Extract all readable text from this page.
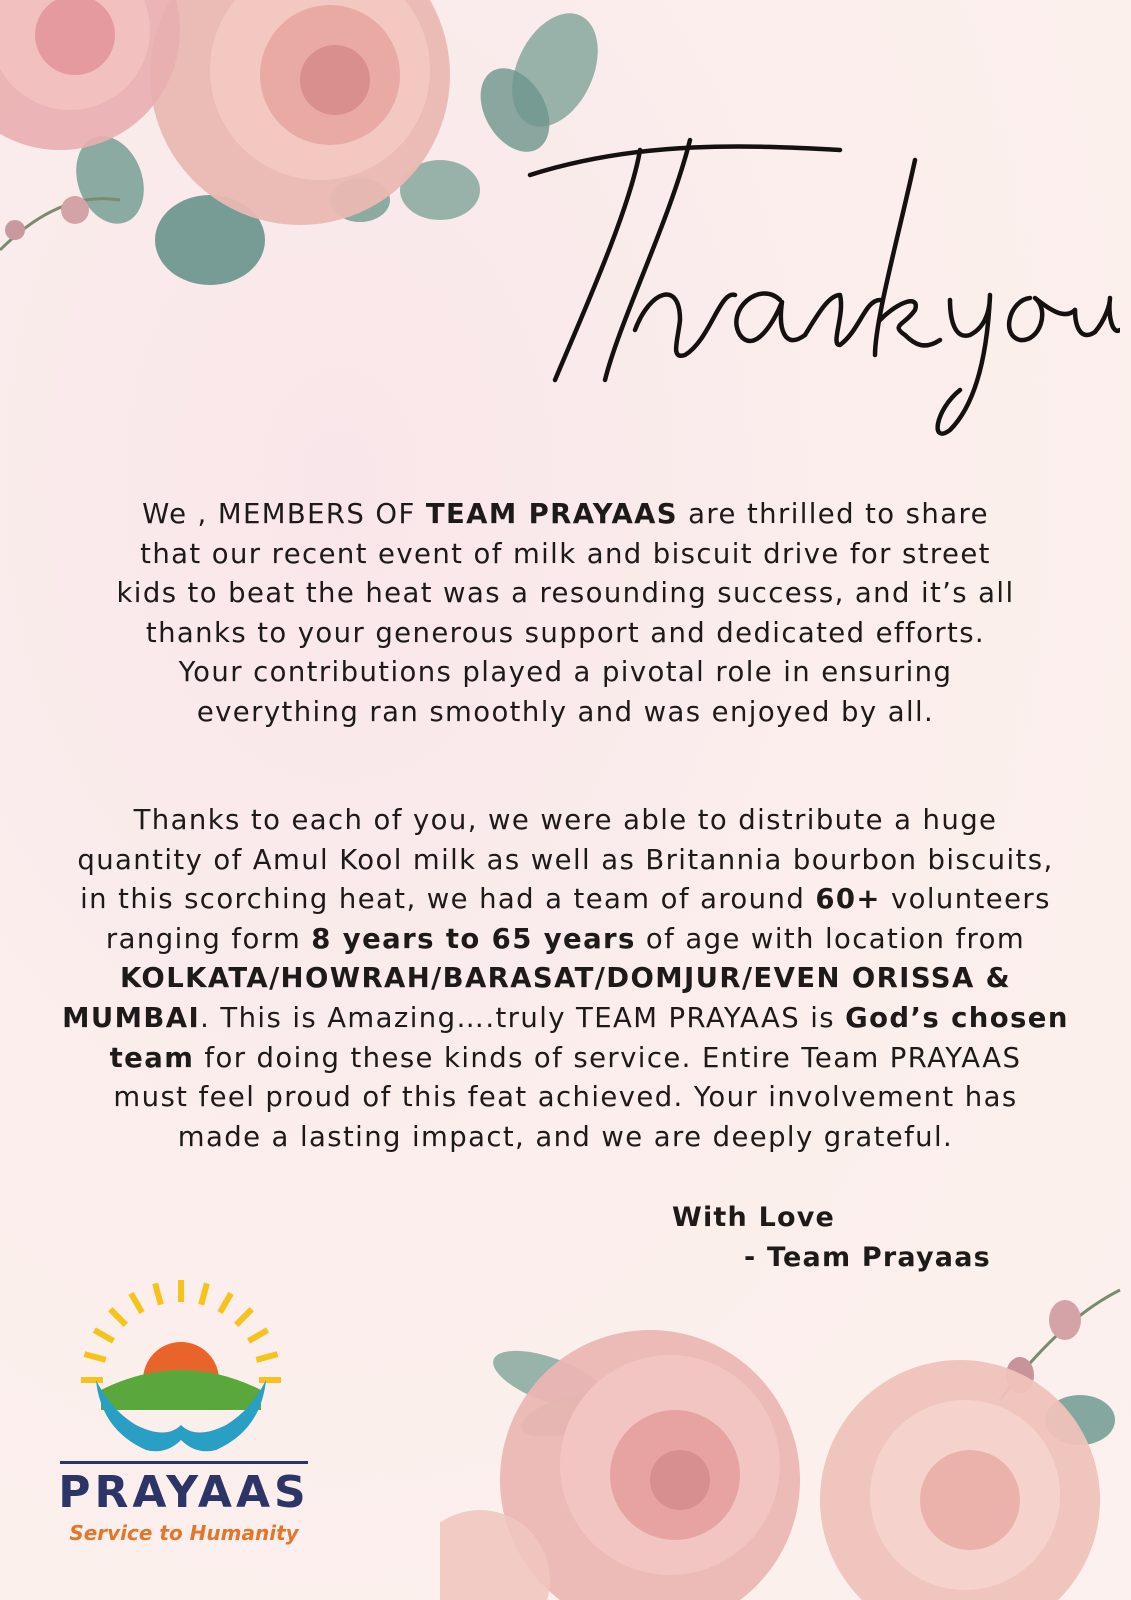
We , MEMBERS OF TEAM PRAYAAS are thrilled to share
that our recent event of milk and biscuit drive for street
kids to beat the heat was a resounding success, and it’s all
thanks to your generous support and dedicated efforts.
Your contributions played a pivotal role in ensuring
everything ran smoothly and was enjoyed by all.
Thanks to each of you, we were able to distribute a huge
quantity of Amul Kool milk as well as Britannia bourbon biscuits,
in this scorching heat, we had a team of around 60+ volunteers
ranging form 8 years to 65 years of age with location from
KOLKATA/HOWRAH/BARASAT/DOMJUR/EVEN ORISSA &
MUMBAI. This is Amazing….truly TEAM PRAYAAS is God’s chosen
team for doing these kinds of service. Entire Team PRAYAAS
must feel proud of this feat achieved. Your involvement has
made a lasting impact, and we are deeply grateful.
With Love
- Team Prayaas
PRAYAAS
Service to Humanity
